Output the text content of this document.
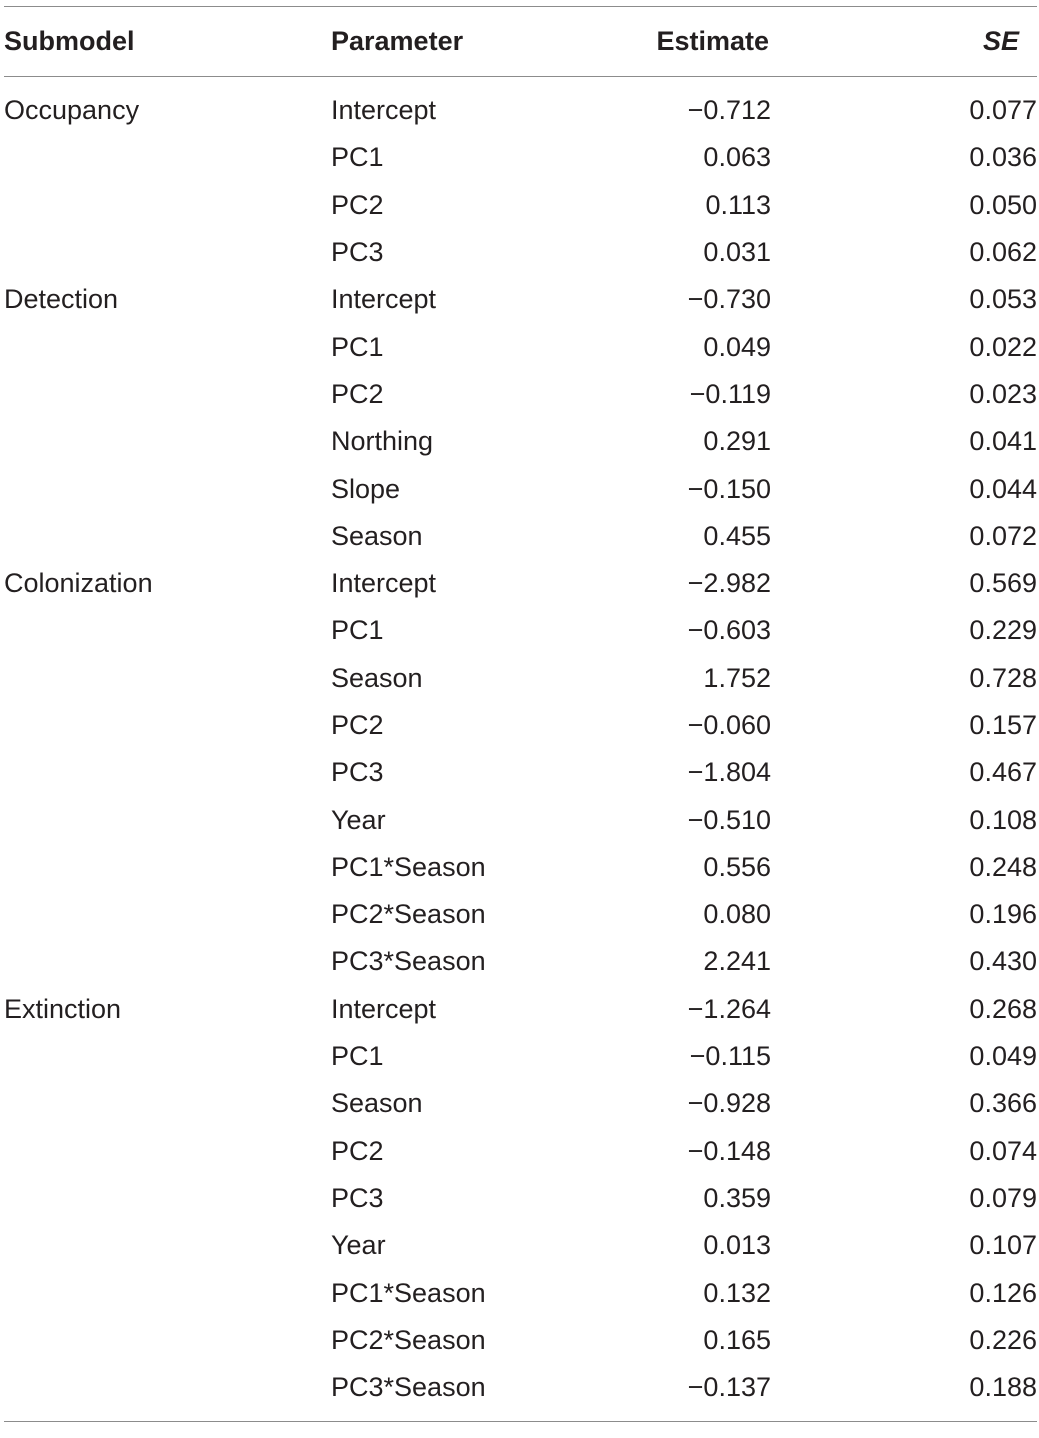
Submodel	Parameter	Estimate	SE
Occupancy	Intercept	−0.712	0.077
	PC1	0.063	0.036
	PC2	0.113	0.050
	PC3	0.031	0.062
Detection	Intercept	−0.730	0.053
	PC1	0.049	0.022
	PC2	−0.119	0.023
	Northing	0.291	0.041
	Slope	−0.150	0.044
	Season	0.455	0.072
Colonization	Intercept	−2.982	0.569
	PC1	−0.603	0.229
	Season	1.752	0.728
	PC2	−0.060	0.157
	PC3	−1.804	0.467
	Year	−0.510	0.108
	PC1*Season	0.556	0.248
	PC2*Season	0.080	0.196
	PC3*Season	2.241	0.430
Extinction	Intercept	−1.264	0.268
	PC1	−0.115	0.049
	Season	−0.928	0.366
	PC2	−0.148	0.074
	PC3	0.359	0.079
	Year	0.013	0.107
	PC1*Season	0.132	0.126
	PC2*Season	0.165	0.226
	PC3*Season	−0.137	0.188
